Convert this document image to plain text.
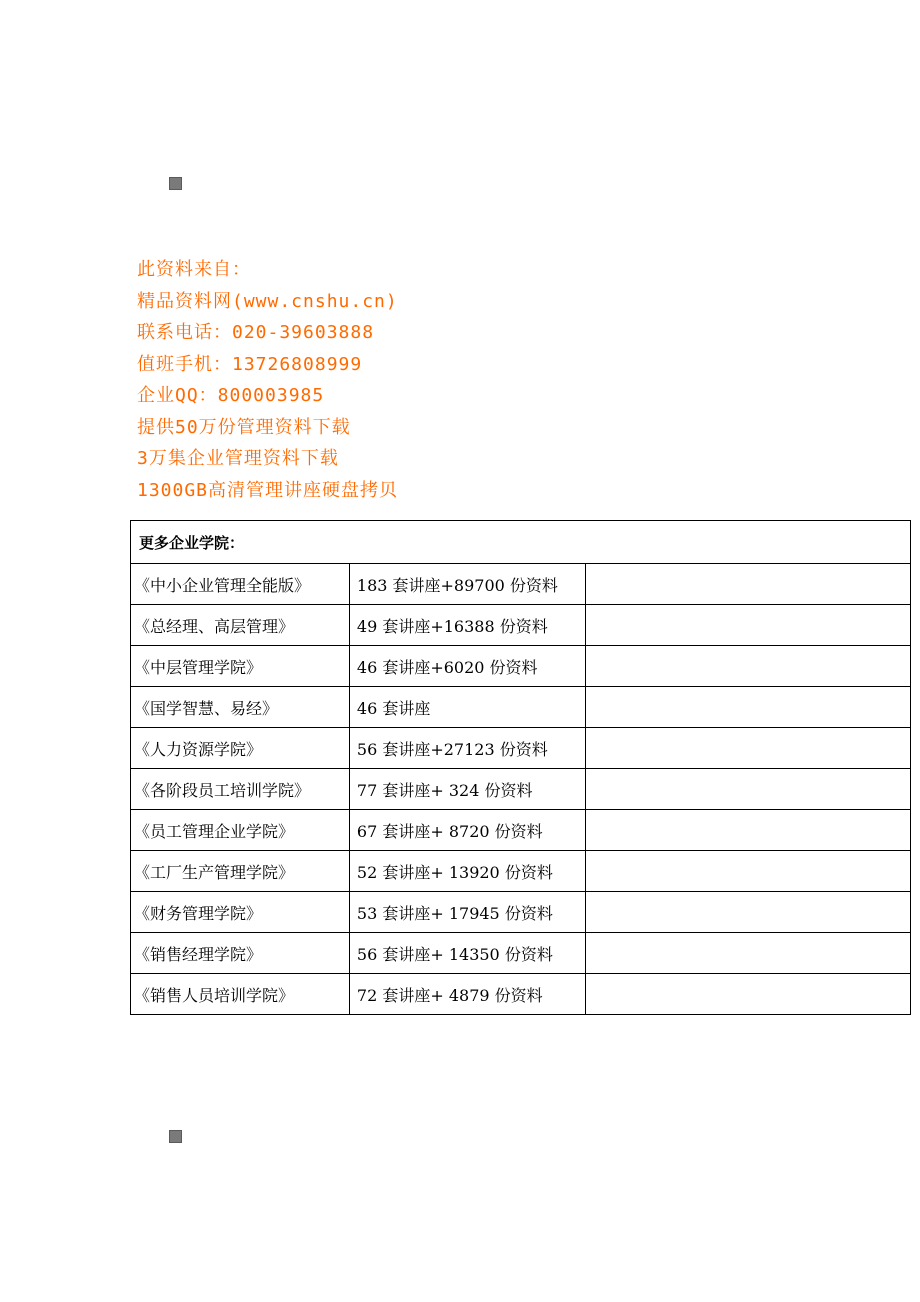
此资料来自：
精品资料网(www.cnshu.cn)
联系电话：020-39603888
值班手机：13726808999
企业QQ：800003985
提供50万份管理资料下载
3万集企业管理资料下载
1300GB高清管理讲座硬盘拷贝
更多企业学院：		
《中小企业管理全能版》	183 套讲座+89700 份资料	
《总经理、高层管理》	49 套讲座+16388 份资料	
《中层管理学院》	46 套讲座+6020 份资料	
《国学智慧、易经》	46 套讲座	
《人力资源学院》	56 套讲座+27123 份资料	
《各阶段员工培训学院》	77 套讲座+ 324 份资料	
《员工管理企业学院》	67 套讲座+ 8720 份资料	
《工厂生产管理学院》	52 套讲座+ 13920 份资料	
《财务管理学院》	53 套讲座+ 17945 份资料	
《销售经理学院》	56 套讲座+ 14350 份资料	
《销售人员培训学院》	72 套讲座+ 4879 份资料	
